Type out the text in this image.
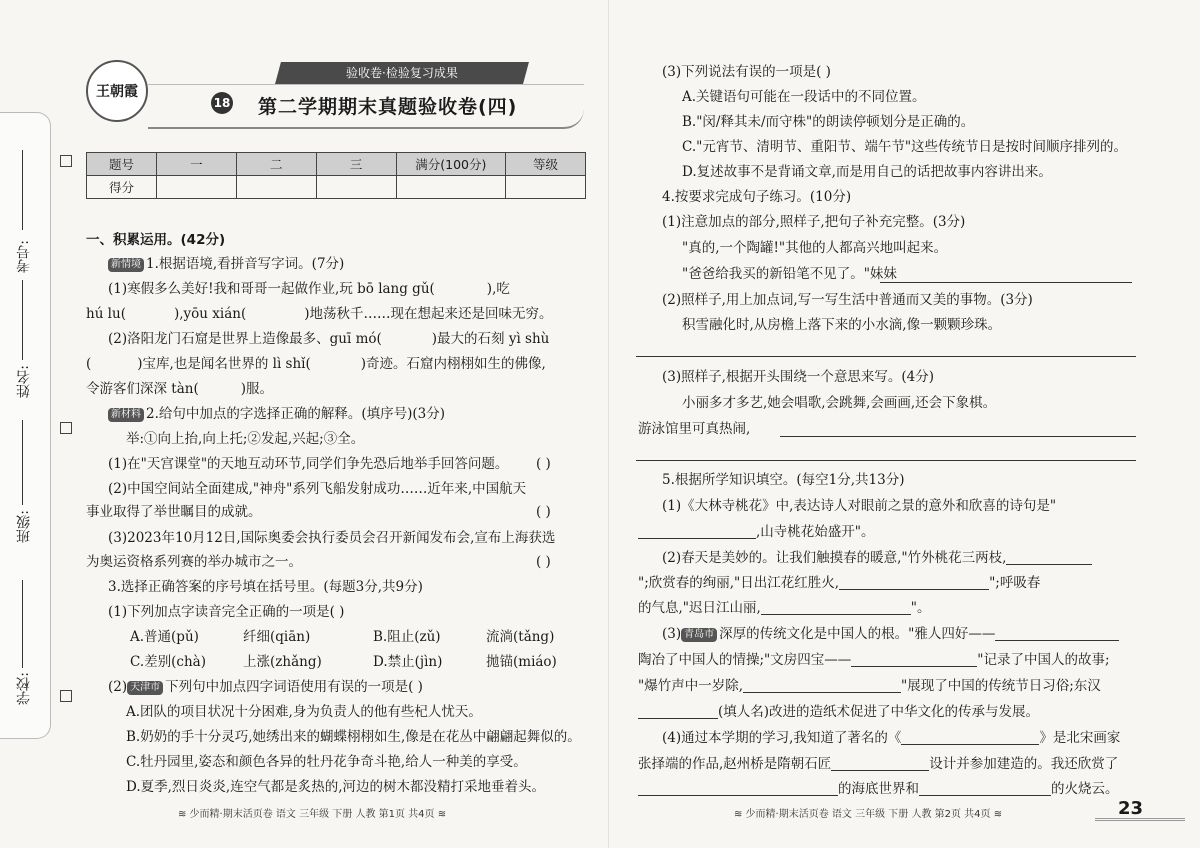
考号:
姓名:
班级:
学校:
王朝霞
验收卷·检验复习成果
18 第二学期期末真题验收卷(四)
题号	一	二	三	满分(100分)	等级
得分					
一、积累运用。(42分)
新情境 1.根据语境,看拼音写字词。(7分)
(1)寒假多么美好!我和哥哥一起做作业,玩 bō lang gǔ(	),吃
hú lu(	),yōu xián(	)地荡秋千……现在想起来还是回味无穷。
(2)洛阳龙门石窟是世界上造像最多、guī mó(	)最大的石刻 yì shù
(	)宝库,也是闻名世界的 lì shǐ(	)奇迹。石窟内栩栩如生的佛像,
令游客们深深 tàn(	)服。
新材料 2.给句中加点的字选择正确的解释。(填序号)(3分)
举:①向上抬,向上托;②发起,兴起;③全。
(1)在"天宫课堂"的天地互动环节,同学们争先恐后地举手回答问题。 ( )
(2)中国空间站全面建成,"神舟"系列飞船发射成功……近年来,中国航天
事业取得了举世瞩目的成就。	( )
(3)2023年10月12日,国际奥委会执行委员会召开新闻发布会,宣布上海获选
为奥运资格系列赛的举办城市之一。	( )
3.选择正确答案的序号填在括号里。(每题3分,共9分)
(1)下列加点字读音完全正确的一项是( )
A.普通(pǔ)	纤细(qiān)	B.阻止(zǔ)	流淌(tǎng)
C.差别(chà)	上涨(zhǎng)	D.禁止(jìn)	拋锚(miáo)
(2) 天津市 下列句中加点四字词语使用有误的一项是( )
A.团队的项目状况十分困难,身为负责人的他有些杞人忧天。
B.奶奶的手十分灵巧,她绣出来的蝴蝶栩栩如生,像是在花丛中翩翩起舞似的。
C.牡丹园里,姿态和颜色各异的牡丹花争奇斗艳,给人一种美的享受。
D.夏季,烈日炎炎,连空气都是炙热的,河边的树木都没精打采地垂着头。
≋ 少而精·期末活页卷 语文 三年级 下册 人教 第1页 共4页 ≋
(3)下列说法有误的一项是( )
A.关键语句可能在一段话中的不同位置。
B."闵/释其未/而守株"的朗读停顿划分是正确的。
C."元宵节、清明节、重阳节、端午节"这些传统节日是按时间顺序排列的。
D.复述故事不是背诵文章,而是用自己的话把故事内容讲出来。
4.按要求完成句子练习。(10分)
(1)注意加点的部分,照样子,把句子补充完整。(3分)
"真的,一个陶罐!"其他的人都高兴地叫起来。
"爸爸给我买的新铅笔不见了。"妹妹
(2)照样子,用上加点词,写一写生活中普通而又美的事物。(3分)
积雪融化时,从房檐上落下来的小水滴,像一颗颗珍珠。
(3)照样子,根据开头围绕一个意思来写。(4分)
小丽多才多艺,她会唱歌,会跳舞,会画画,还会下象棋。
游泳馆里可真热闹,
5.根据所学知识填空。(每空1分,共13分)
(1)《大林寺桃花》中,表达诗人对眼前之景的意外和欣喜的诗句是"
,山寺桃花始盛开"。
(2)春天是美妙的。让我们触摸春的暖意,"竹外桃花三两枝,
";欣赏春的绚丽,"日出江花红胜火,	";呼吸春
的气息,"迟日江山丽,	"。
(3) 青岛市 深厚的传统文化是中国人的根。"雅人四好——
陶冶了中国人的情操;"文房四宝——	"记录了中国人的故事;
"爆竹声中一岁除,	"展现了中国的传统节日习俗;东汉
(填人名)改进的造纸术促进了中华文化的传承与发展。
(4)通过本学期的学习,我知道了著名的《	》是北宋画家
张择端的作品,赵州桥是隋朝石匠	设计并参加建造的。我还欣赏了
的海底世界和	的火烧云。
≋ 少而精·期末活页卷 语文 三年级 下册 人教 第2页 共4页 ≋	23
